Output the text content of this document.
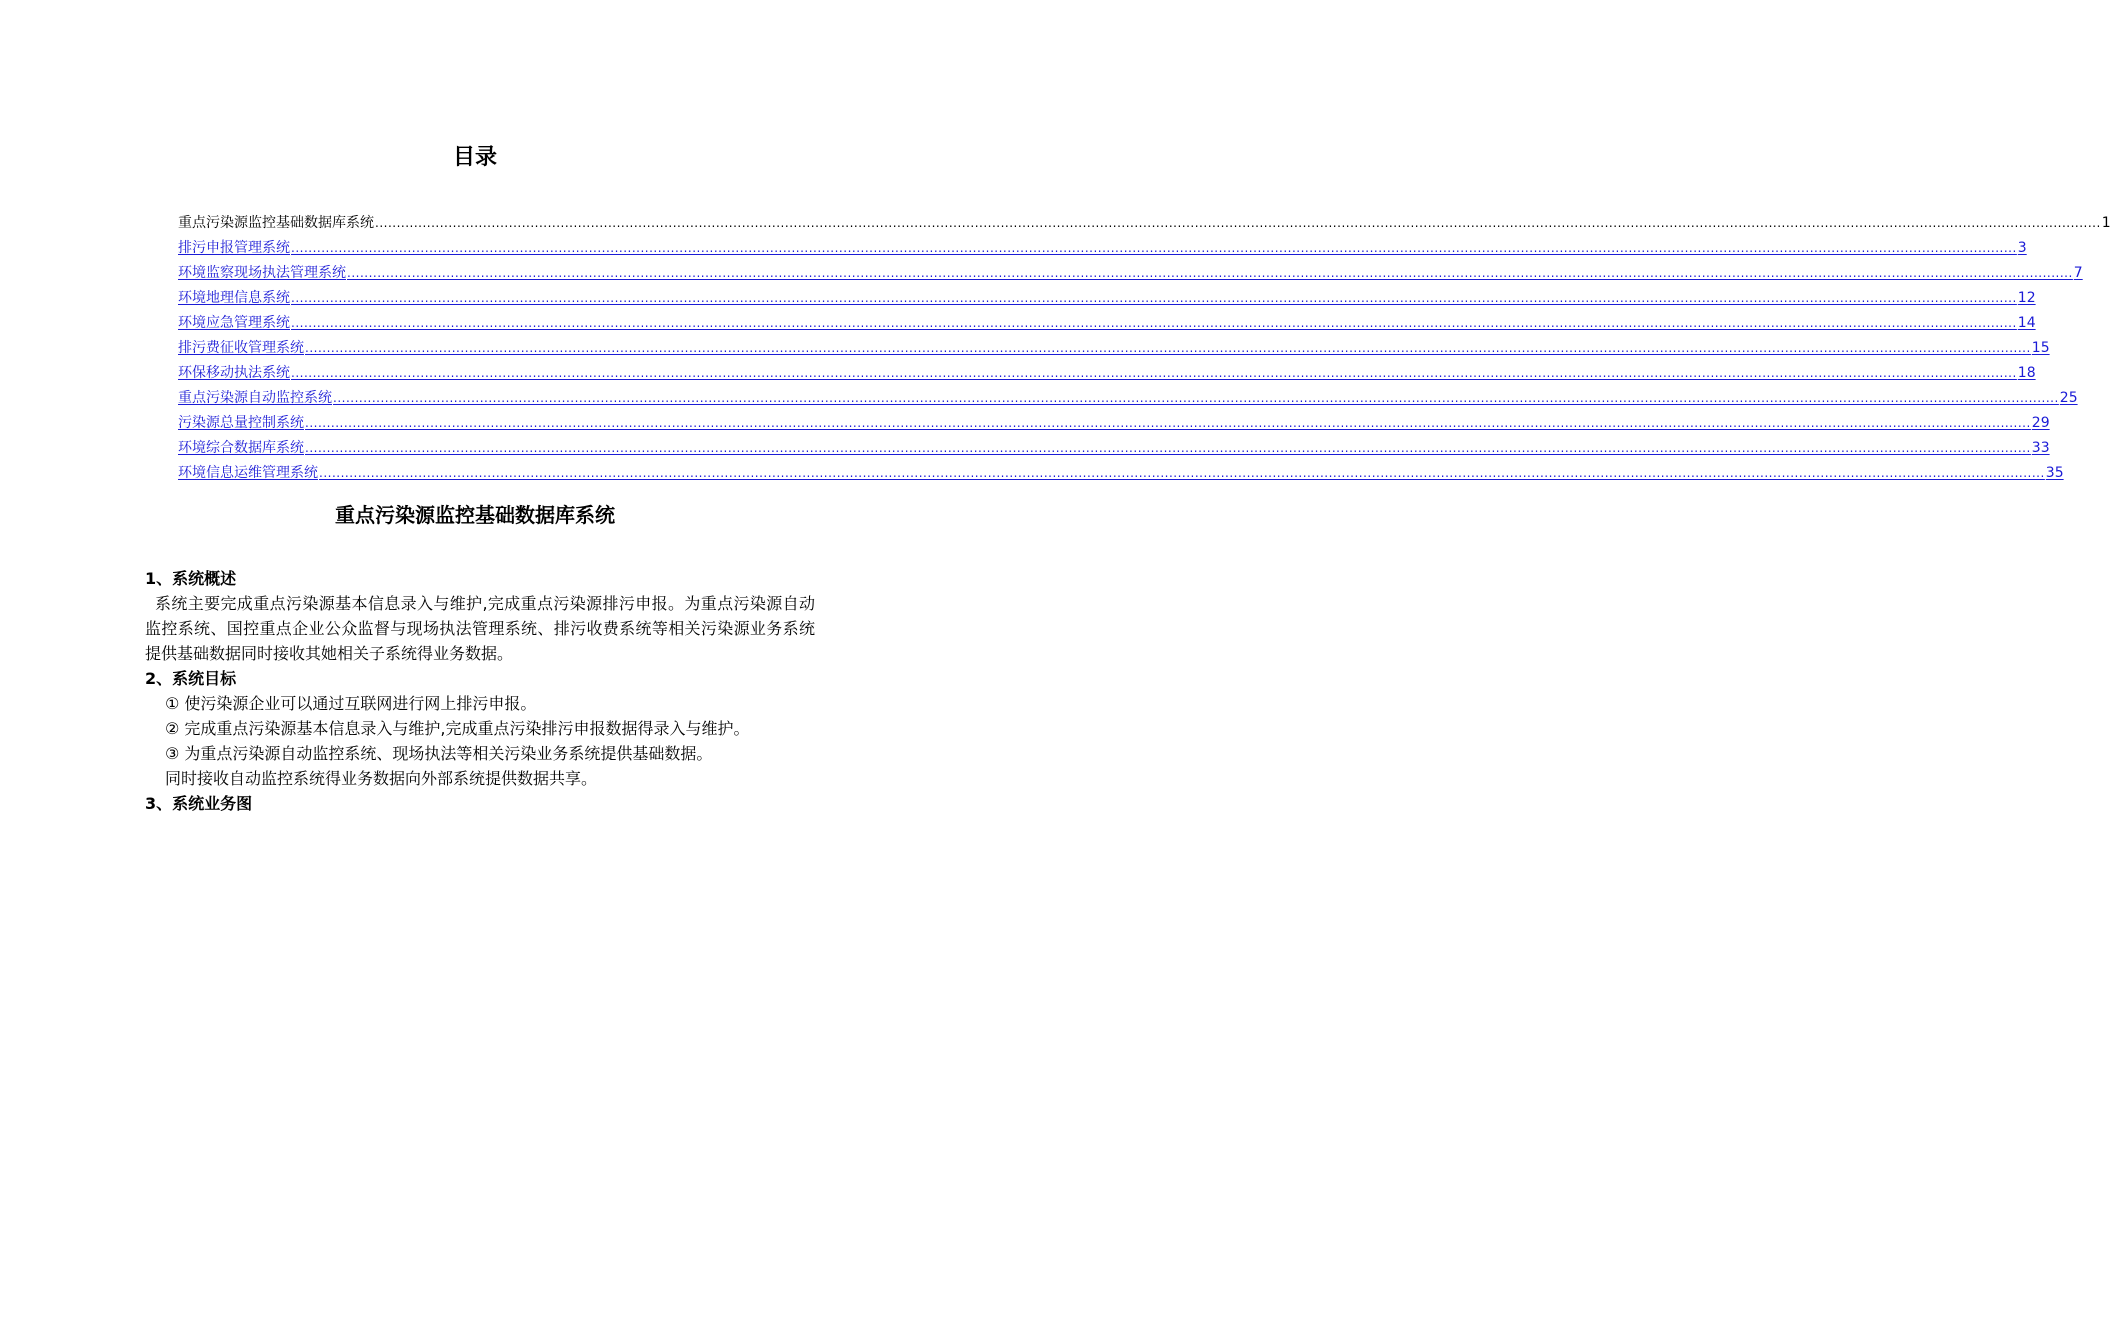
目录
重点污染源监控基础数据库系统 ................................................................................................................................................................................................................................................................................................................................................................................................................ 1
排污申报管理系统 ................................................................................................................................................................................................................................................................................................................................................................................................................ 3
环境监察现场执法管理系统 ................................................................................................................................................................................................................................................................................................................................................................................................................ 7
环境地理信息系统 ................................................................................................................................................................................................................................................................................................................................................................................................................ 12
环境应急管理系统 ................................................................................................................................................................................................................................................................................................................................................................................................................ 14
排污费征收管理系统 ................................................................................................................................................................................................................................................................................................................................................................................................................ 15
环保移动执法系统 ................................................................................................................................................................................................................................................................................................................................................................................................................ 18
重点污染源自动监控系统 ................................................................................................................................................................................................................................................................................................................................................................................................................ 25
污染源总量控制系统 ................................................................................................................................................................................................................................................................................................................................................................................................................ 29
环境综合数据库系统 ................................................................................................................................................................................................................................................................................................................................................................................................................ 33
环境信息运维管理系统 ................................................................................................................................................................................................................................................................................................................................................................................................................ 35
重点污染源监控基础数据库系统
1、系统概述

系统主要完成重点污染源基本信息录入与维护,完成重点污染源排污申报。为重点污染源自动监控系统、国控重点企业公众监督与现场执法管理系统、排污收费系统等相关污染源业务系统提供基础数据同时接收其她相关子系统得业务数据。

2、系统目标

① 使污染源企业可以通过互联网进行网上排污申报。

② 完成重点污染源基本信息录入与维护,完成重点污染排污申报数据得录入与维护。

③ 为重点污染源自动监控系统、现场执法等相关污染业务系统提供基础数据。

同时接收自动监控系统得业务数据向外部系统提供数据共享。

3、系统业务图
